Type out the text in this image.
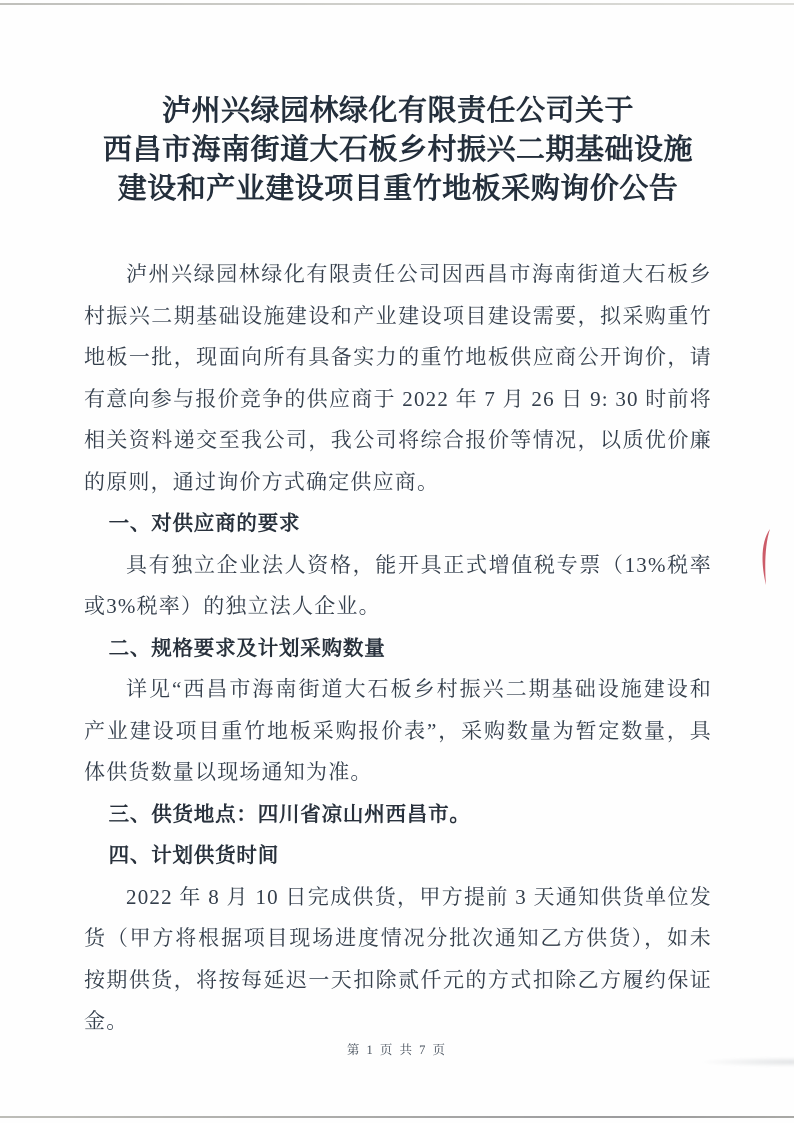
泸州兴绿园林绿化有限责任公司关于
西昌市海南街道大石板乡村振兴二期基础设施
建设和产业建设项目重竹地板采购询价公告

泸州兴绿园林绿化有限责任公司因西昌市海南街道大石板乡村振兴二期基础设施建设和产业建设项目建设需要，拟采购重竹地板一批，现面向所有具备实力的重竹地板供应商公开询价，请有意向参与报价竞争的供应商于 2022 年 7 月 26 日 9: 30 时前将相关资料递交至我公司，我公司将综合报价等情况，以质优价廉的原则，通过询价方式确定供应商。

一、对供应商的要求

具有独立企业法人资格，能开具正式增值税专票（13%税率或3%税率）的独立法人企业。

二、规格要求及计划采购数量

详见“西昌市海南街道大石板乡村振兴二期基础设施建设和产业建设项目重竹地板采购报价表”，采购数量为暂定数量，具体供货数量以现场通知为准。

三、供货地点：四川省凉山州西昌市。

四、计划供货时间

2022 年 8 月 10 日完成供货，甲方提前 3 天通知供货单位发货（甲方将根据项目现场进度情况分批次通知乙方供货），如未按期供货，将按每延迟一天扣除贰仟元的方式扣除乙方履约保证金。

第 1 页 共 7 页
